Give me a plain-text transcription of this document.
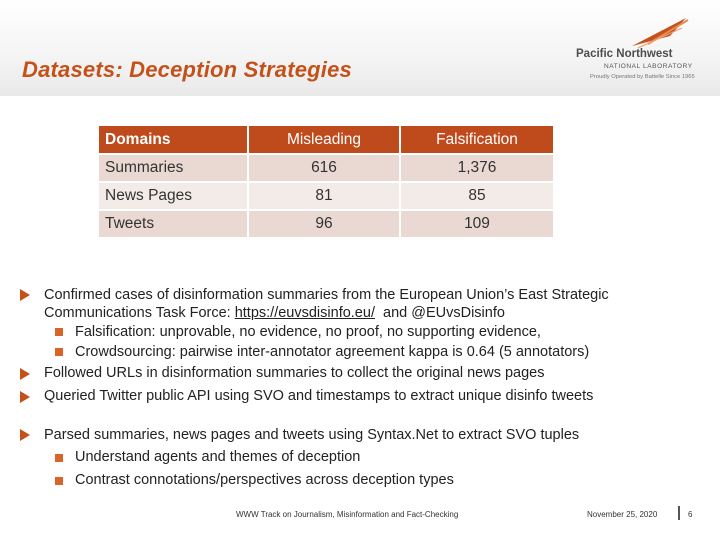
Datasets: Deception Strategies
Pacific Northwest
NATIONAL LABORATORY
Proudly Operated by Battelle Since 1965
Domains	Misleading	Falsification
Summaries	616	1,376
News Pages	81	85
Tweets	96	109
Confirmed cases of disinformation summaries from the European Union’s East Strategic
Communications Task Force: https://euvsdisinfo.eu/  and @EUvsDisinfo
Falsification: unprovable, no evidence, no proof, no supporting evidence,
Crowdsourcing: pairwise inter-annotator agreement kappa is 0.64 (5 annotators)
Followed URLs in disinformation summaries to collect the original news pages
Queried Twitter public API using SVO and timestamps to extract unique disinfo tweets
Parsed summaries, news pages and tweets using Syntax.Net to extract SVO tuples
Understand agents and themes of deception
Contrast connotations/perspectives across deception types
WWW Track on Journalism, Misinformation and Fact-Checking	November 25, 2020	6
